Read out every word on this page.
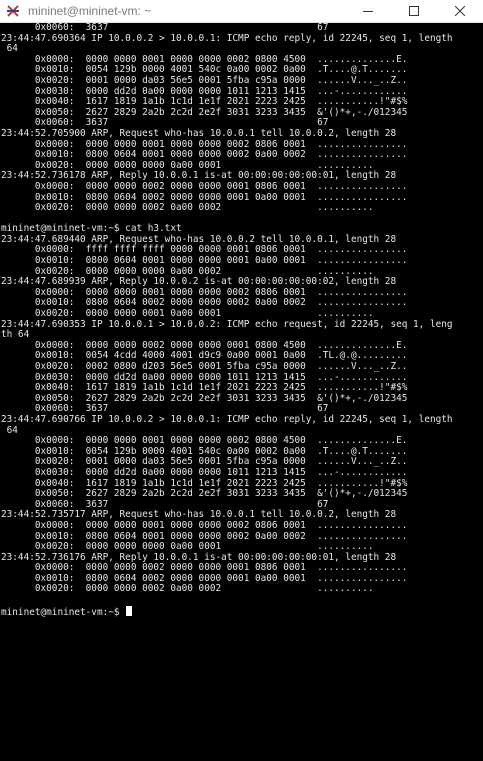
mininet@mininet-vm: ~
0x0060:  3637                                     67
23:44:47.690364 IP 10.0.0.2 > 10.0.0.1: ICMP echo reply, id 22245, seq 1, length
64
0x0000:  0000 0000 0001 0000 0000 0002 0800 4500  ..............E.
0x0010:  0054 129b 0000 4001 540c 0a00 0002 0a00  .T....@.T.......
0x0020:  0001 0000 da03 56e5 0001 5fba c95a 0000  ......V..._..Z..
0x0030:  0000 dd2d 0a00 0000 0000 1011 1213 1415  ...-............
0x0040:  1617 1819 1a1b 1c1d 1e1f 2021 2223 2425  ...........!"#$%
0x0050:  2627 2829 2a2b 2c2d 2e2f 3031 3233 3435  &'()*+,-./012345
0x0060:  3637                                     67
23:44:52.705900 ARP, Request who-has 10.0.0.1 tell 10.0.0.2, length 28
0x0000:  0000 0000 0001 0000 0000 0002 0806 0001  ................
0x0010:  0800 0604 0001 0000 0000 0002 0a00 0002  ................
0x0020:  0000 0000 0000 0a00 0001                 ..........
23:44:52.736178 ARP, Reply 10.0.0.1 is-at 00:00:00:00:00:01, length 28
0x0000:  0000 0000 0002 0000 0000 0001 0806 0001  ................
0x0010:  0800 0604 0002 0000 0000 0001 0a00 0001  ................
0x0020:  0000 0000 0002 0a00 0002                 ..........

mininet@mininet-vm:~$ cat h3.txt
23:44:47.689440 ARP, Request who-has 10.0.0.2 tell 10.0.0.1, length 28
0x0000:  ffff ffff ffff 0000 0000 0001 0806 0001  ................
0x0010:  0800 0604 0001 0000 0000 0001 0a00 0001  ................
0x0020:  0000 0000 0000 0a00 0002                 ..........
23:44:47.689939 ARP, Reply 10.0.0.2 is-at 00:00:00:00:00:02, length 28
0x0000:  0000 0000 0001 0000 0000 0002 0806 0001  ................
0x0010:  0800 0604 0002 0000 0000 0002 0a00 0002  ................
0x0020:  0000 0000 0001 0a00 0001                 ..........
23:44:47.690353 IP 10.0.0.1 > 10.0.0.2: ICMP echo request, id 22245, seq 1, leng
th 64
0x0000:  0000 0000 0002 0000 0000 0001 0800 4500  ..............E.
0x0010:  0054 4cdd 4000 4001 d9c9 0a00 0001 0a00  .TL.@.@.........
0x0020:  0002 0800 d203 56e5 0001 5fba c95a 0000  ......V..._..Z..
0x0030:  0000 dd2d 0a00 0000 0000 1011 1213 1415  ...-............
0x0040:  1617 1819 1a1b 1c1d 1e1f 2021 2223 2425  ...........!"#$%
0x0050:  2627 2829 2a2b 2c2d 2e2f 3031 3233 3435  &'()*+,-./012345
0x0060:  3637                                     67
23:44:47.690766 IP 10.0.0.2 > 10.0.0.1: ICMP echo reply, id 22245, seq 1, length
64
0x0000:  0000 0000 0001 0000 0000 0002 0800 4500  ..............E.
0x0010:  0054 129b 0000 4001 540c 0a00 0002 0a00  .T....@.T.......
0x0020:  0001 0000 da03 56e5 0001 5fba c95a 0000  ......V..._..Z..
0x0030:  0000 dd2d 0a00 0000 0000 1011 1213 1415  ...-............
0x0040:  1617 1819 1a1b 1c1d 1e1f 2021 2223 2425  ...........!"#$%
0x0050:  2627 2829 2a2b 2c2d 2e2f 3031 3233 3435  &'()*+,-./012345
0x0060:  3637                                     67
23:44:52.735717 ARP, Request who-has 10.0.0.1 tell 10.0.0.2, length 28
0x0000:  0000 0000 0001 0000 0000 0002 0806 0001  ................
0x0010:  0800 0604 0001 0000 0000 0002 0a00 0002  ................
0x0020:  0000 0000 0000 0a00 0001                 ..........
23:44:52.736176 ARP, Reply 10.0.0.1 is-at 00:00:00:00:00:01, length 28
0x0000:  0000 0000 0002 0000 0000 0001 0806 0001  ................
0x0010:  0800 0604 0002 0000 0000 0001 0a00 0001  ................
0x0020:  0000 0000 0002 0a00 0002                 ..........

mininet@mininet-vm:~$
